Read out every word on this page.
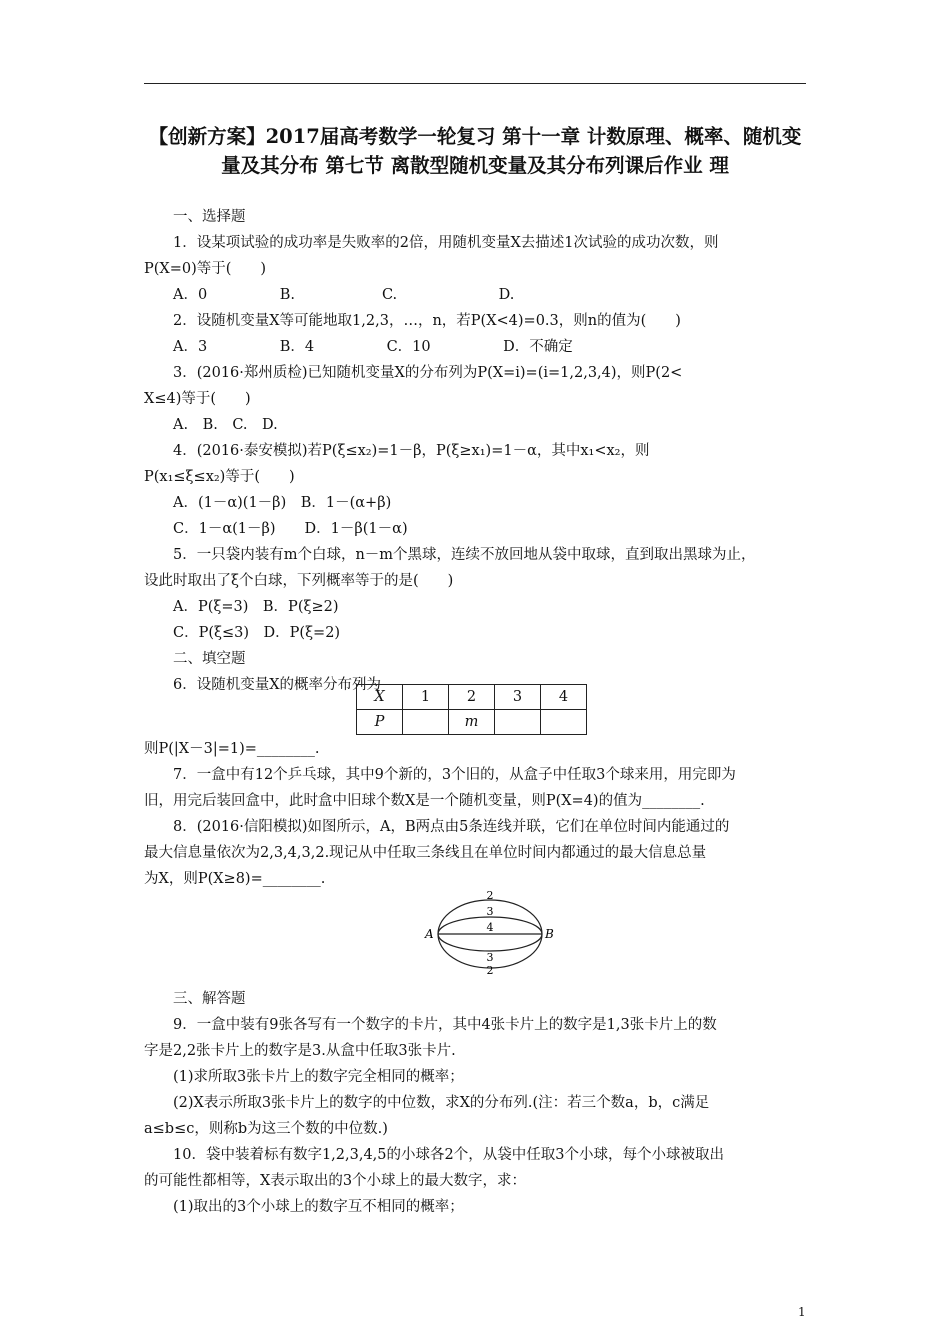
【创新方案】2017届高考数学一轮复习 第十一章 计数原理、概率、随机变量及其分布 第七节 离散型随机变量及其分布列课后作业 理
一、选择题
1．设某项试验的成功率是失败率的2倍，用随机变量X去描述1次试验的成功次数，则
P(X=0)等于(　　)
A．0　　　　　B.　　　　　　C.　　　　　　　D.
2．设随机变量X等可能地取1,2,3，…，n，若P(X<4)=0.3，则n的值为(　　)
A．3　　　　　B．4　　　　　C．10　　　　　D．不确定
3．(2016·郑州质检)已知随机变量X的分布列为P(X=i)=(i=1,2,3,4)，则P(2<
X≤4)等于(　　)
A.　B.　C.　D.
4．(2016·泰安模拟)若P(ξ≤x₂)=1－β，P(ξ≥x₁)=1－α，其中x₁<x₂，则
P(x₁≤ξ≤x₂)等于(　　)
A．(1－α)(1－β)　B．1－(α+β)
C．1－α(1－β)　　D．1－β(1－α)
5．一只袋内装有m个白球，n－m个黑球，连续不放回地从袋中取球，直到取出黑球为止，
设此时取出了ξ个白球，下列概率等于的是(　　)
A．P(ξ=3)　B．P(ξ≥2)
C．P(ξ≤3)　D．P(ξ=2)
二、填空题
6．设随机变量X的概率分布列为
X	1	2	3	4
P		m		
则P(|X－3|=1)=________.
7．一盒中有12个乒乓球，其中9个新的，3个旧的，从盒子中任取3个球来用，用完即为
旧，用完后装回盒中，此时盒中旧球个数X是一个随机变量，则P(X=4)的值为________.
8．(2016·信阳模拟)如图所示，A，B两点由5条连线并联，它们在单位时间内能通过的
最大信息量依次为2,3,4,3,2.现记从中任取三条线且在单位时间内都通过的最大信息总量
为X，则P(X≥8)=________.
A	B
2
3
4
3
2
三、解答题
9．一盒中装有9张各写有一个数字的卡片，其中4张卡片上的数字是1,3张卡片上的数
字是2,2张卡片上的数字是3.从盒中任取3张卡片.
(1)求所取3张卡片上的数字完全相同的概率；
(2)X表示所取3张卡片上的数字的中位数，求X的分布列.(注：若三个数a，b，c满足
a≤b≤c，则称b为这三个数的中位数.)
10．袋中装着标有数字1,2,3,4,5的小球各2个，从袋中任取3个小球，每个小球被取出
的可能性都相等，X表示取出的3个小球上的最大数字，求：
(1)取出的3个小球上的数字互不相同的概率；
1
